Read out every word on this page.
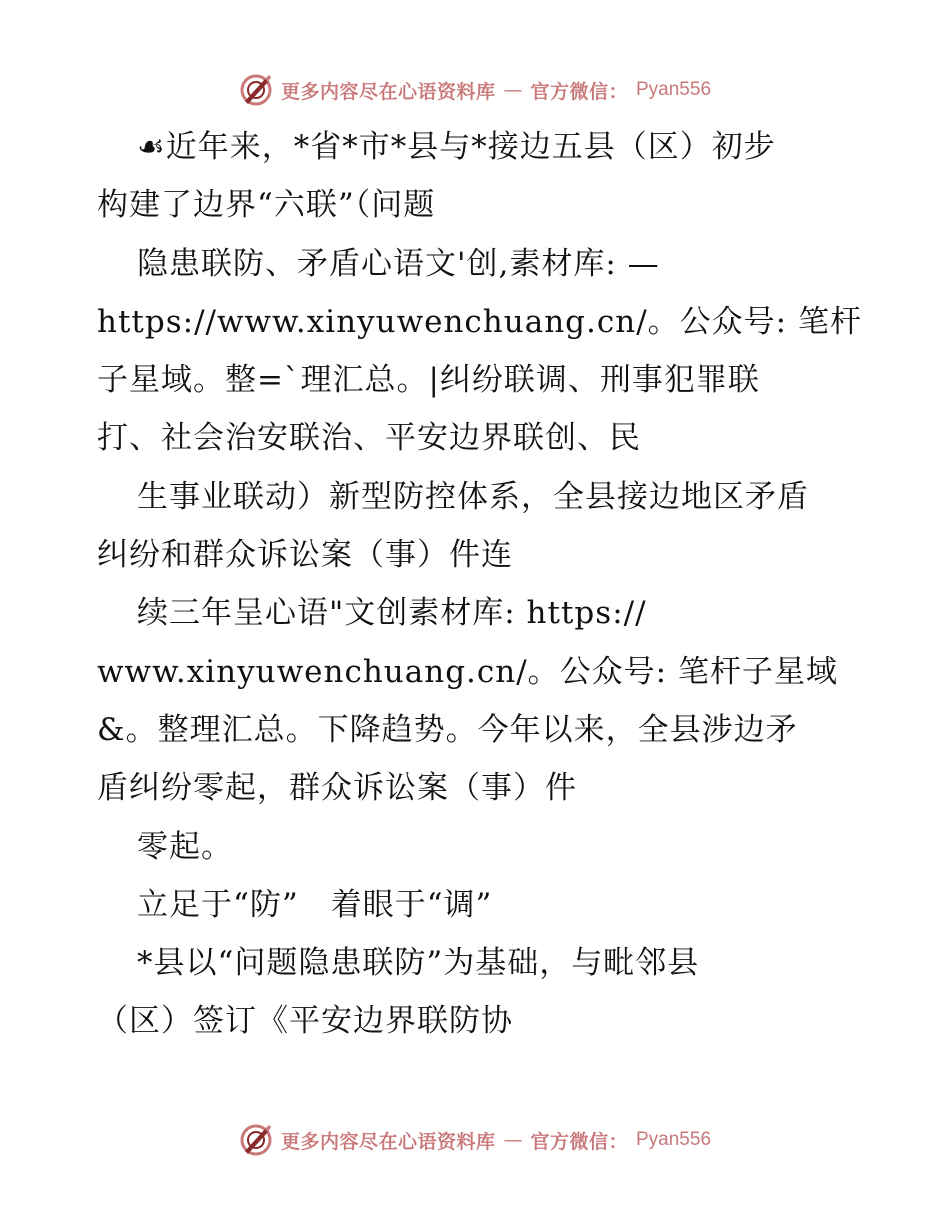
更多内容尽在心语资料库 — 官方微信： Pyan556
☙近年来，*省*市*县与*接边五县（区）初步
构建了边界“六联”（问题
隐患联防、矛盾心语文'创,素材库: —
https://www.xinyuwenchuang.cn/。公众号: 笔杆
子星域。整=`理汇总。|纠纷联调、刑事犯罪联
打、社会治安联治、平安边界联创、民
生事业联动）新型防控体系，全县接边地区矛盾
纠纷和群众诉讼案（事）件连
续三年呈心语"文创素材库: https://
www.xinyuwenchuang.cn/。公众号: 笔杆子星域
&。整理汇总。下降趋势。今年以来，全县涉边矛
盾纠纷零起，群众诉讼案（事）件
零起。
立足于“防”　着眼于“调”
*县以“问题隐患联防”为基础，与毗邻县
（区）签订《平安边界联防协
更多内容尽在心语资料库 — 官方微信： Pyan556
